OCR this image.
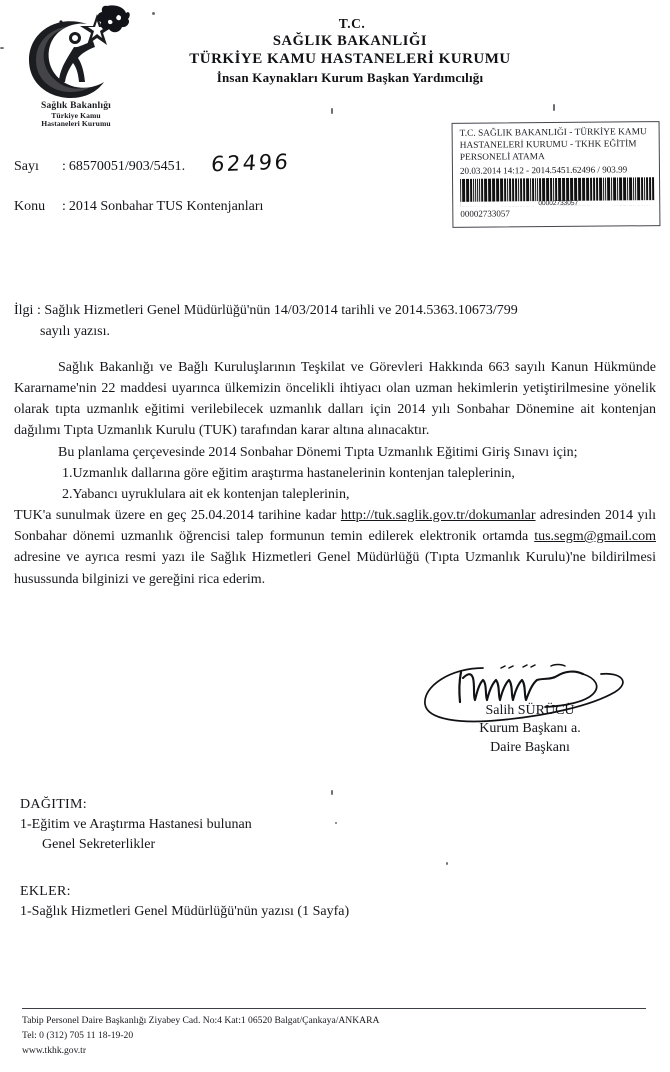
Sağlık Bakanlığı
Türkiye Kamu
Hastaneleri Kurumu
T.C.
SAĞLIK BAKANLIĞI
TÜRKİYE KAMU HASTANELERİ KURUMU
İnsan Kaynakları Kurum Başkan Yardımcılığı
T.C. SAĞLIK BAKANLIĞI - TÜRKİYE KAMU
HASTANELERİ KURUMU - TKHK EĞİTİM
PERSONELİ ATAMA
20.03.2014 14:12 - 2014.5451.62496 / 903.99
00002733057
00002733057
Sayı	: 68570051/903/5451. 62496
Konu	: 2014 Sonbahar TUS Kontenjanları
İlgi : Sağlık Hizmetleri Genel Müdürlüğü'nün 14/03/2014 tarihli ve 2014.5363.10673/799
sayılı yazısı.

Sağlık Bakanlığı ve Bağlı Kuruluşlarının Teşkilat ve Görevleri Hakkında 663 sayılı Kanun Hükmünde Kararname'nin 22 maddesi uyarınca ülkemizin öncelikli ihtiyacı olan uzman hekimlerin yetiştirilmesine yönelik olarak tıpta uzmanlık eğitimi verilebilecek uzmanlık dalları için 2014 yılı Sonbahar Dönemine ait kontenjan dağılımı Tıpta Uzmanlık Kurulu (TUK) tarafından karar altına alınacaktır.

Bu planlama çerçevesinde 2014 Sonbahar Dönemi Tıpta Uzmanlık Eğitimi Giriş Sınavı için;

1.Uzmanlık dallarına göre eğitim araştırma hastanelerinin kontenjan taleplerinin,
2.Yabancı uyruklulara ait ek kontenjan taleplerinin,

TUK'a sunulmak üzere en geç 25.04.2014 tarihine kadar http://tuk.saglik.gov.tr/dokumanlar adresinden 2014 yılı Sonbahar dönemi uzmanlık öğrencisi talep formunun temin edilerek elektronik ortamda tus.segm@gmail.com adresine ve ayrıca resmi yazı ile Sağlık Hizmetleri Genel Müdürlüğü (Tıpta Uzmanlık Kurulu)'ne bildirilmesi husussunda bilginizi ve gereğini rica ederim.

Salih SÜRÜCÜ
Kurum Başkanı a.
Daire Başkanı
DAĞITIM:
1-Eğitim ve Araştırma Hastanesi bulunan
Genel Sekreterlikler
EKLER:
1-Sağlık Hizmetleri Genel Müdürlüğü'nün yazısı (1 Sayfa)
Tabip Personel Daire Başkanlığı Ziyabey Cad. No:4 Kat:1 06520 Balgat/Çankaya/ANKARA
Tel: 0 (312) 705 11 18-19-20
www.tkhk.gov.tr
